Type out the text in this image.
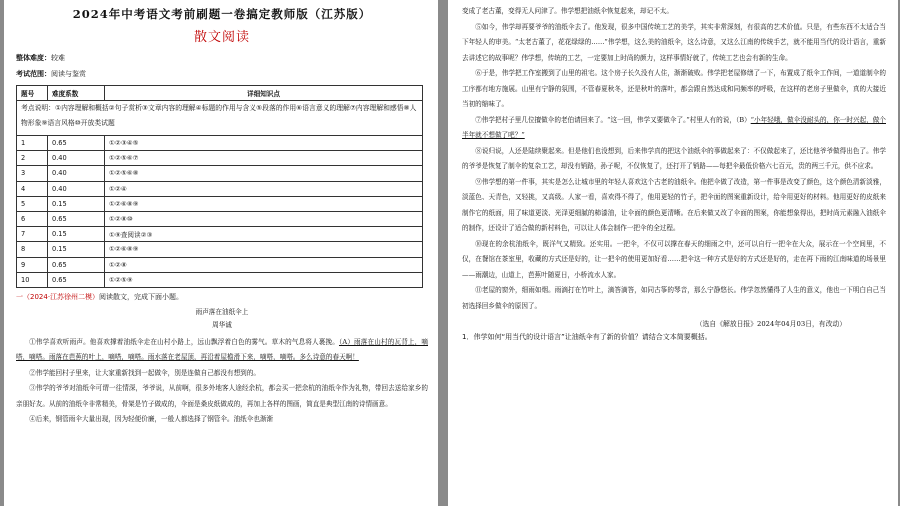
2024年中考语文考前刷题一卷搞定教师版（江苏版）
散文阅读
整体难度：较难
考试范围：阅读与鉴赏
题号	难度系数	详细知识点
考点说明：①内容理解和概括②句子赏析③文章内容的理解④标题的作用与含义⑤段落的作用⑥语言意义的理解⑦内容理解和感悟⑧人物形象⑨语言风格⑩开放类试题		
1	0.65	①②③④⑤
2	0.40	①②⑤⑥⑦
3	0.40	①②⑤⑥⑧
4	0.40	①②④
5	0.15	①②⑥⑧⑨
6	0.65	①②⑧⑩
7	0.15	①⑨查阅读②③
8	0.15	①②⑥⑧⑨
9	0.65	①②⑧
10	0.65	①②⑤⑨
一（2024·江苏徐州二模）阅读散文，完成下面小题。
雨声落在油纸伞上
周华诚

①伟学喜欢听雨声。他喜欢撑着油纸伞走在山村小路上，远山飘浮着白色的雾气。草木的气息将人裹挽。（A）雨落在山村的瓦背上，嘀嗒，嘀嗒。雨落在芭蕉的叶上，嘀嗒，嘀嗒。雨水落在老屋顶，再沿着屋檐滑下来，嘀嗒，嘀嗒。多么诗意的春天啊！

②伟学能回村子里来，让大家重新找到一起做伞，别是连做自己都没有想到的。

③伟学的爷爷对油纸伞可谓一往情深，爷爷说，从前啊，很多外地客人途经余杭，都会买一把余杭的油纸伞作为礼物，带回去送给家乡的亲朋好友。从前的油纸伞非常精美，骨架是竹子做成的，伞面是桑皮纸做成的，再加上各样的图画，简直是典型江南的诗情画意。

④后来，钢管雨伞大量出现，因为轻便价廉，一般人都选择了钢管伞。油纸伞也渐渐

变成了老古董，变得无人问津了。伟学想把油纸伞恢复起来，却记不太。

⑤如今，伟学却再要爷爷的油纸伞去了。他发现，很多中国传统工艺的美学，其实非常深刻，有很高的艺术价值。只是，有些东西不太适合当下年轻人的审美。“太老古董了，花花绿绿的……”伟学想，这么美的油纸伞，这么诗意，又这么江南的传统手艺，就不能用当代的设计语言，重新去讲述它的故事呢？伟学想，传统的工艺，一定要加上时尚的颜力，这样事情好就了，传统工艺也会有新的生命。

⑥于是，伟学把工作室搬到了山里的祖宅。这个房子长久没有人住，渐渐破败。伟学把老屋修缮了一下，布置成了纸伞工作间，一道道制伞的工序都有地方施展。山里有宁静的氛围，不管春夏秋冬，还是秋叶的落叶，都会跟自然达成和同频率的呼吸，在这样的老房子里做伞，真的大接近当初的缩味了。

⑦伟学把村子里几位擅做伞的老伯请回来了。“这一回，伟学又要做伞了。”村里人有的说，（B）“小年轻哦，做伞没耐头的，你一时兴起，做个半年就不想做了吧？”

⑧说归说，人还是陆续聚起来。但是他们也没想到，后来伟学真的把这个油纸伞的事做起来了：不仅做起来了，还比他爷爷做得出色了。伟学的爷爷是恢复了制伞的复杂工艺，却没有销路，孙子呢，不仅恢复了，还打开了销路——每把伞最低价格六七百元，贵的两三千元，供不应求。

⑨伟学想的第一件事，其实是怎么让城市里的年轻人喜欢这个古老的油纸伞。他把伞做了改造，第一件事是改变了颜色，这个颜色清新淡雅，淡蓝色、天青色，又轻挑，又高级。人家一看，喜欢得不得了，他用更轻的竹子，把伞面的图案重新设计，给伞用更好的材料。他用更好的皮纸来制作它的纸面，用了味道更淡、光泽更细腻的柿漆油，让伞面的颜色更清晰。在后来做又改了伞面的图案，你能想象得出，把时尚元素融入油纸伞的制作，还设计了适合做的新村料色，可以让人体会制作一把伞的全过程。

⑩现在的余杭油纸伞，既洋气又精致。还实用。一把伞，不仅可以撑在春天的细雨之中，还可以自行一把伞在大众，展示在一个空间里，不仅，在餐馆在茶室里，收藏的方式还是好的，让一把伞的使用更加好看……把伞这一种方式是好的方式还是好的，走在再下雨的江南味道的场景里——雨潮边，山道上，芭蕉叶随夏日，小桥流水人家。

⑪老屋的窗外，细雨如烟。雨滴打在竹叶上，滴答滴答，如同古筝的琴音，那么宁静悠长。伟学忽然懂得了人生的意义，他也一下明白自己当初选择回乡做伞的原因了。

（选自《解放日报》2024年04月03日，有改动）
1．伟学如何“用当代的设计语言”让油纸伞有了新的价值？请结合文本简要概括。
